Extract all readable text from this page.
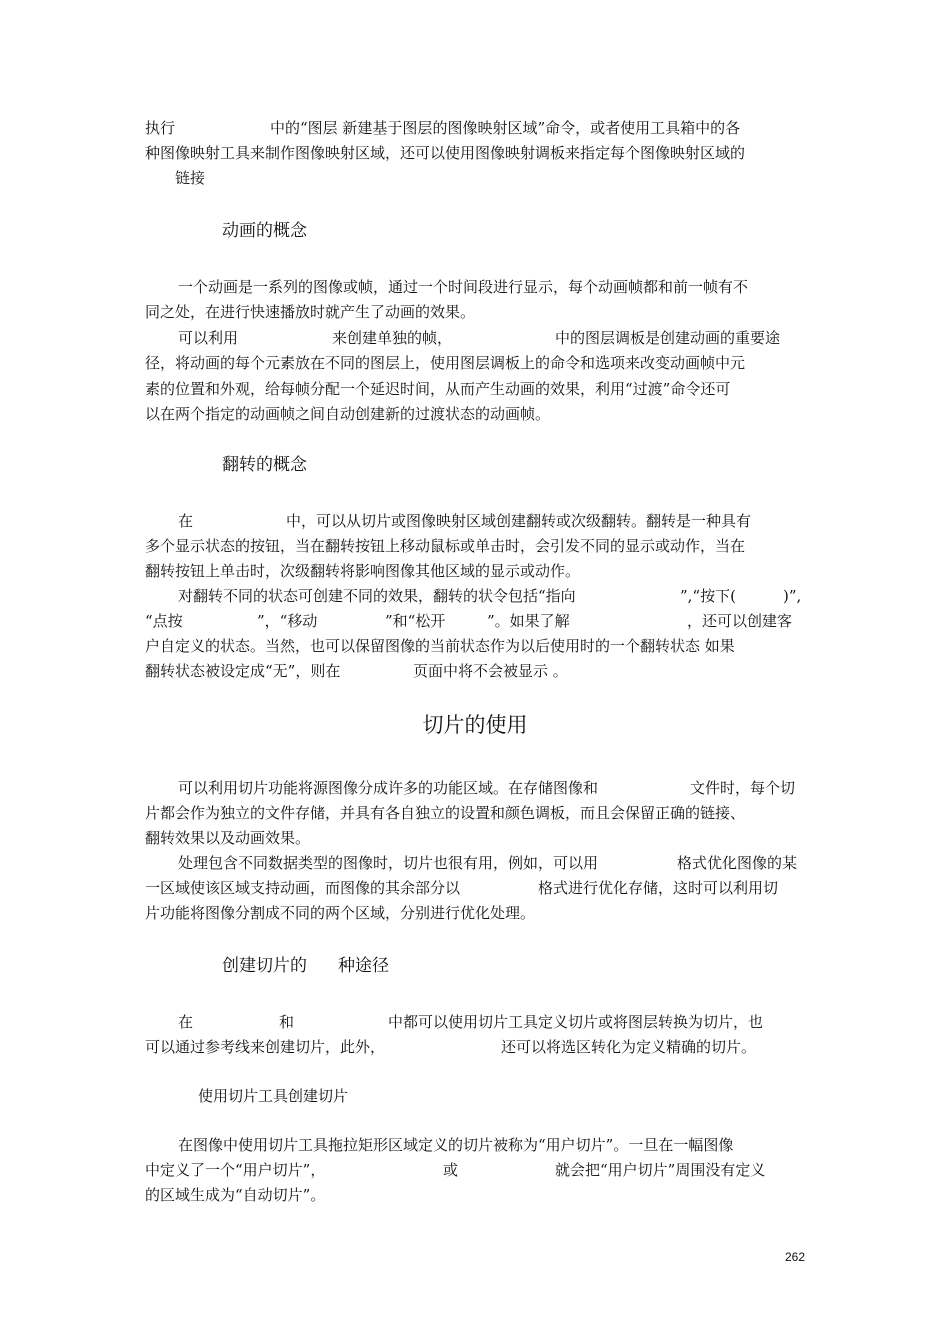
执行	中的“图层 新建基于图层的图像映射区域”命令，或者使用工具箱中的各
种图像映射工具来制作图像映射区域，还可以使用图像映射调板来指定每个图像映射区域的
链接
动画的概念
一个动画是一系列的图像或帧，通过一个时间段进行显示，每个动画帧都和前一帧有不
同之处，在进行快速播放时就产生了动画的效果。
可以利用	来创建单独的帧，	中的图层调板是创建动画的重要途
径，将动画的每个元素放在不同的图层上，使用图层调板上的命令和选项来改变动画帧中元
素的位置和外观，给每帧分配一个延迟时间，从而产生动画的效果，利用“过渡”命令还可
以在两个指定的动画帧之间自动创建新的过渡状态的动画帧。
翻转的概念
在	中，可以从切片或图像映射区域创建翻转或次级翻转。翻转是一种具有
多个显示状态的按钮，当在翻转按钮上移动鼠标或单击时，会引发不同的显示或动作，当在
翻转按钮上单击时，次级翻转将影响图像其他区域的显示或动作。
对翻转不同的状态可创建不同的效果，翻转的状令包括“指向	”,“按下(	)”,
“点按	”，“移动	”和“松开	”。如果了解	，还可以创建客
户自定义的状态。当然，也可以保留图像的当前状态作为以后使用时的一个翻转状态 如果
翻转状态被设定成“无”，则在	页面中将不会被显示 。
切片的使用
可以利用切片功能将源图像分成许多的功能区域。在存储图像和	文件时，每个切
片都会作为独立的文件存储，并具有各自独立的设置和颜色调板，而且会保留正确的链接、
翻转效果以及动画效果。
处理包含不同数据类型的图像时，切片也很有用，例如，可以用	格式优化图像的某
一区域使该区域支持动画，而图像的其余部分以	格式进行优化存储，这时可以利用切
片功能将图像分割成不同的两个区域，分别进行优化处理。
创建切片的 种途径
在	和	中都可以使用切片工具定义切片或将图层转换为切片，也
可以通过参考线来创建切片，此外，	还可以将选区转化为定义精确的切片。
使用切片工具创建切片
在图像中使用切片工具拖拉矩形区域定义的切片被称为“用户切片”。一旦在一幅图像
中定义了一个“用户切片”，	或	就会把“用户切片”周围没有定义
的区域生成为“自动切片”。
262
